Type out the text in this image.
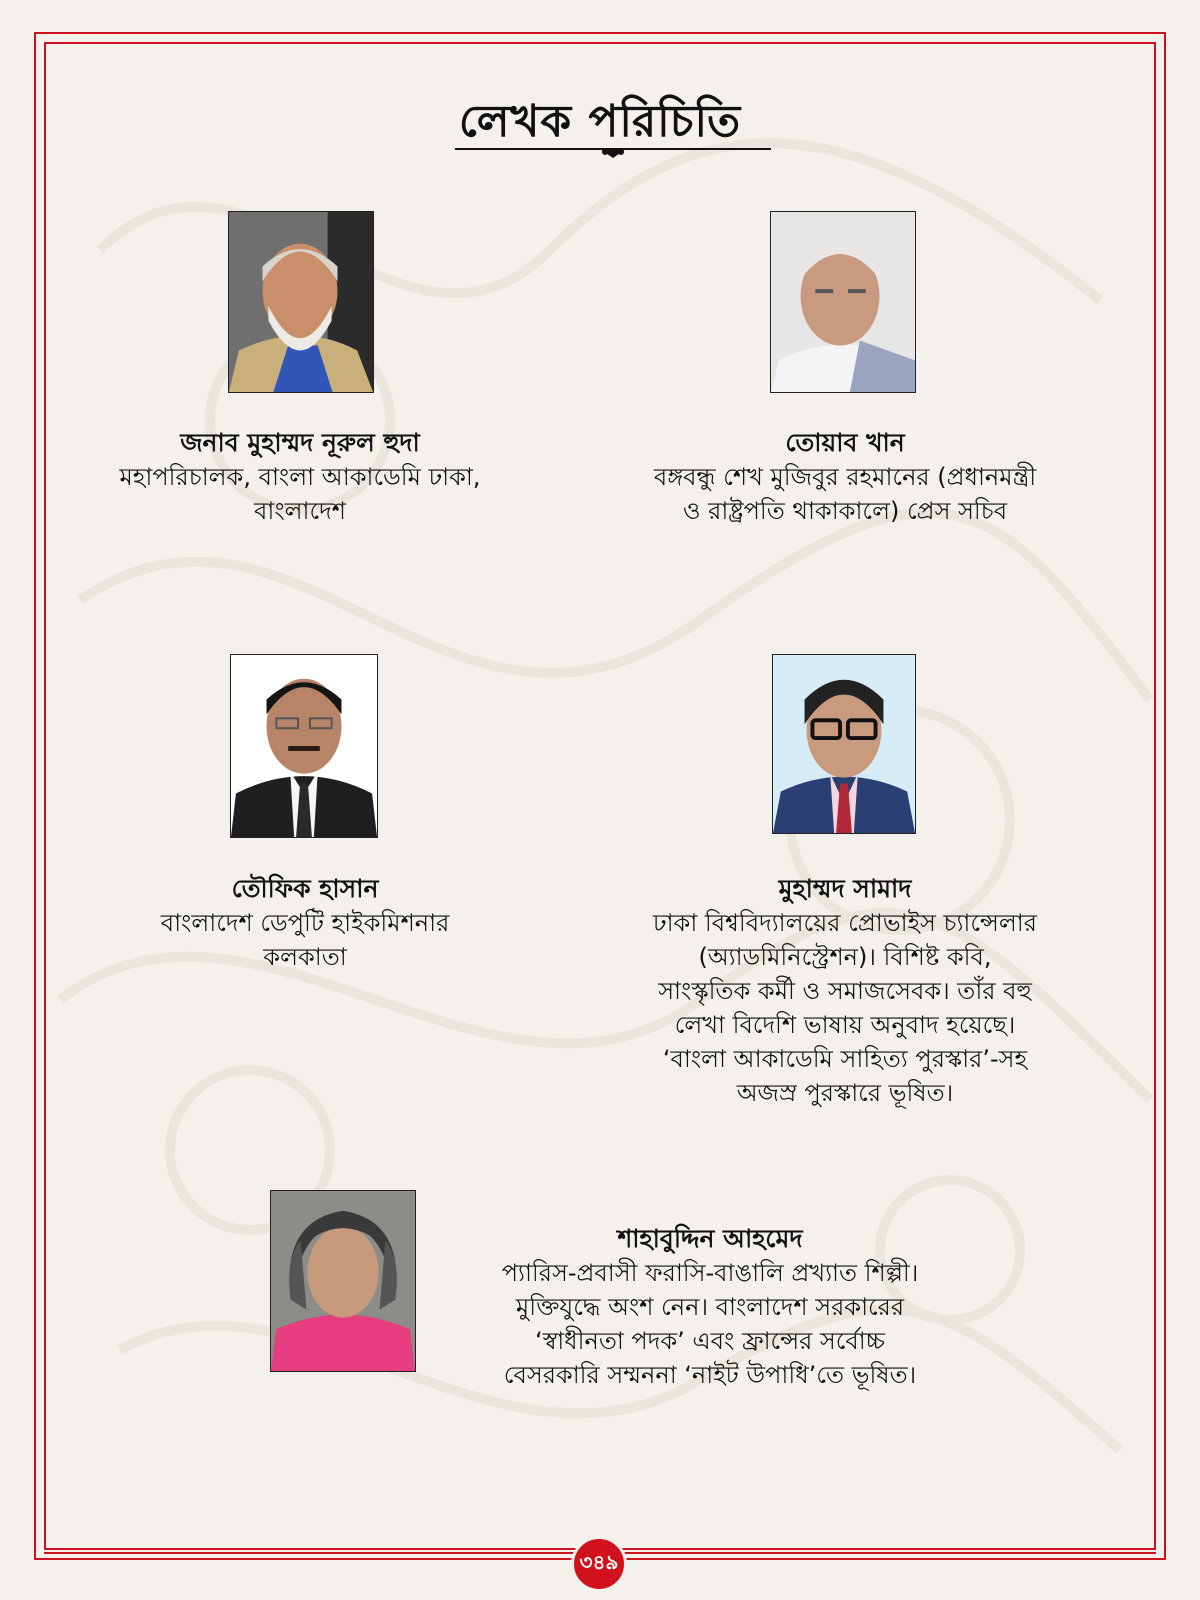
লেখক পরিচিতি
জনাব মুহাম্মদ নূরুল হুদা
মহাপরিচালক, বাংলা আকাডেমি ঢাকা,
বাংলাদেশ
তোয়াব খান
বঙ্গবন্ধু শেখ মুজিবুর রহমানের (প্রধানমন্ত্রী
ও রাষ্ট্রপতি থাকাকালে) প্রেস সচিব
তৌফিক হাসান
বাংলাদেশ ডেপুটি হাইকমিশনার
কলকাতা
মুহাম্মদ সামাদ
ঢাকা বিশ্ববিদ্যালয়ের প্রোভাইস চ্যান্সেলার
(অ্যাডমিনিস্ট্রেশন)। বিশিষ্ট কবি,
সাংস্কৃতিক কর্মী ও সমাজসেবক। তাঁর বহু
লেখা বিদেশি ভাষায় অনুবাদ হয়েছে।
‘বাংলা আকাডেমি সাহিত্য পুরস্কার’-সহ
অজস্র পুরস্কারে ভূষিত।
শাহাবুদ্দিন আহমেদ
প্যারিস-প্রবাসী ফরাসি-বাঙালি প্রখ্যাত শিল্পী।
মুক্তিযুদ্ধে অংশ নেন। বাংলাদেশ সরকারের
‘স্বাধীনতা পদক’ এবং ফ্রান্সের সর্বোচ্চ
বেসরকারি সম্মননা ‘নাইট উপাধি’তে ভূষিত।
৩৪৯
